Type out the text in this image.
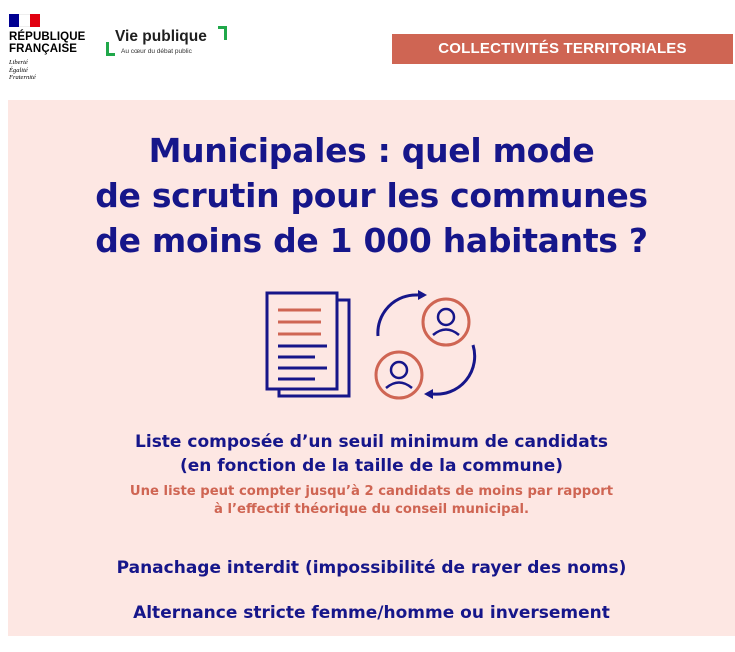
RÉPUBLIQUE
FRANÇAISE
Liberté
Égalité
Fraternité
Vie publique
Au cœur du débat public	COLLECTIVITÉS TERRITORIALES
Municipales : quel mode
de scrutin pour les communes
de moins de 1 000 habitants ?
Liste composée d’un seuil minimum de candidats
(en fonction de la taille de la commune)
Une liste peut compter jusqu’à 2 candidats de moins par rapport
à l’effectif théorique du conseil municipal.
Panachage interdit (impossibilité de rayer des noms)
Alternance stricte femme/homme ou inversement
